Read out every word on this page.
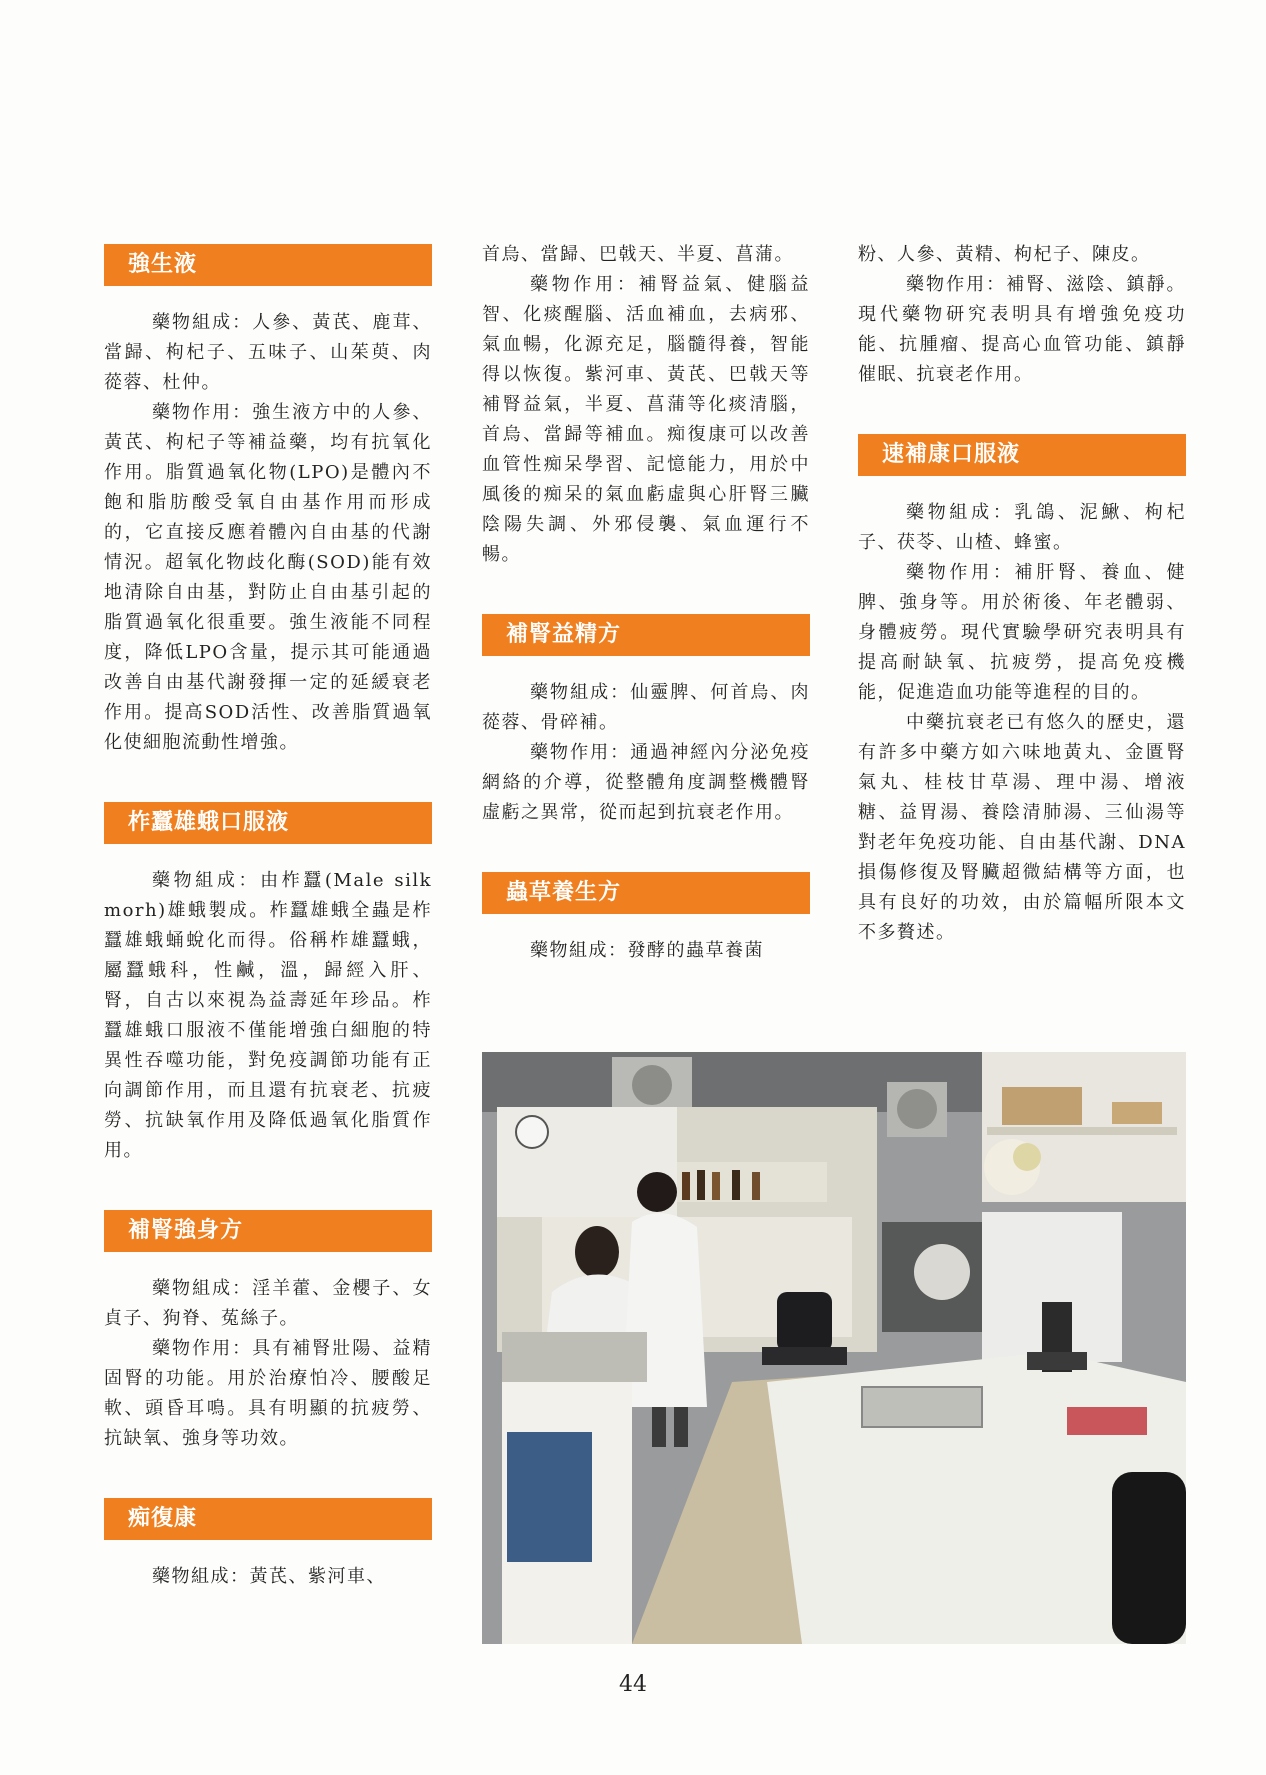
強生液

藥物組成：人參、黃芪、鹿茸、當歸、枸杞子、五味子、山茱萸、肉蓯蓉、杜仲。

藥物作用：強生液方中的人參、黃芪、枸杞子等補益藥，均有抗氧化作用。脂質過氧化物(LPO)是體內不飽和脂肪酸受氧自由基作用而形成的，它直接反應着體內自由基的代謝情況。超氧化物歧化酶(SOD)能有效地清除自由基，對防止自由基引起的脂質過氧化很重要。強生液能不同程度，降低LPO含量，提示其可能通過改善自由基代謝發揮一定的延緩衰老作用。提高SOD活性、改善脂質過氧化使細胞流動性增強。

柞蠶雄蛾口服液

藥物組成：由柞蠶(Male silk morh)雄蛾製成。柞蠶雄蛾全蟲是柞蠶雄蛾蛹蛻化而得。俗稱柞雄蠶蛾，屬蠶蛾科，性鹹，溫，歸經入肝、腎，自古以來視為益壽延年珍品。柞蠶雄蛾口服液不僅能增強白細胞的特異性吞噬功能，對免疫調節功能有正向調節作用，而且還有抗衰老、抗疲勞、抗缺氧作用及降低過氧化脂質作用。

補腎強身方

藥物組成：淫羊藿、金櫻子、女貞子、狗脊、菟絲子。

藥物作用：具有補腎壯陽、益精固腎的功能。用於治療怕冷、腰酸足軟、頭昏耳鳴。具有明顯的抗疲勞、抗缺氧、強身等功效。

痴復康

藥物組成：黃芪、紫河車、

首烏、當歸、巴戟天、半夏、菖蒲。

藥物作用：補腎益氣、健腦益智、化痰醒腦、活血補血，去病邪、氣血暢，化源充足，腦髓得養，智能得以恢復。紫河車、黃芪、巴戟天等補腎益氣，半夏、菖蒲等化痰清腦，首烏、當歸等補血。痴復康可以改善血管性痴呆學習、記憶能力，用於中風後的痴呆的氣血虧虛與心肝腎三臟陰陽失調、外邪侵襲、氣血運行不暢。

補腎益精方

藥物組成：仙靈脾、何首烏、肉蓯蓉、骨碎補。

藥物作用：通過神經內分泌免疫網絡的介導，從整體角度調整機體腎虛虧之異常，從而起到抗衰老作用。

蟲草養生方

藥物組成：發酵的蟲草養菌

粉、人參、黃精、枸杞子、陳皮。

藥物作用：補腎、滋陰、鎮靜。現代藥物研究表明具有增強免疫功能、抗腫瘤、提高心血管功能、鎮靜催眠、抗衰老作用。

速補康口服液

藥物組成：乳鴿、泥鰍、枸杞子、茯苓、山楂、蜂蜜。

藥物作用：補肝腎、養血、健脾、強身等。用於術後、年老體弱、身體疲勞。現代實驗學研究表明具有提高耐缺氧、抗疲勞，提高免疫機能，促進造血功能等進程的目的。

中藥抗衰老已有悠久的歷史，還有許多中藥方如六味地黃丸、金匱腎氣丸、桂枝甘草湯、理中湯、增液糖、益胃湯、養陰清肺湯、三仙湯等對老年免疫功能、自由基代謝、DNA損傷修復及腎臟超微結構等方面，也具有良好的功效，由於篇幅所限本文不多贅述。

44
